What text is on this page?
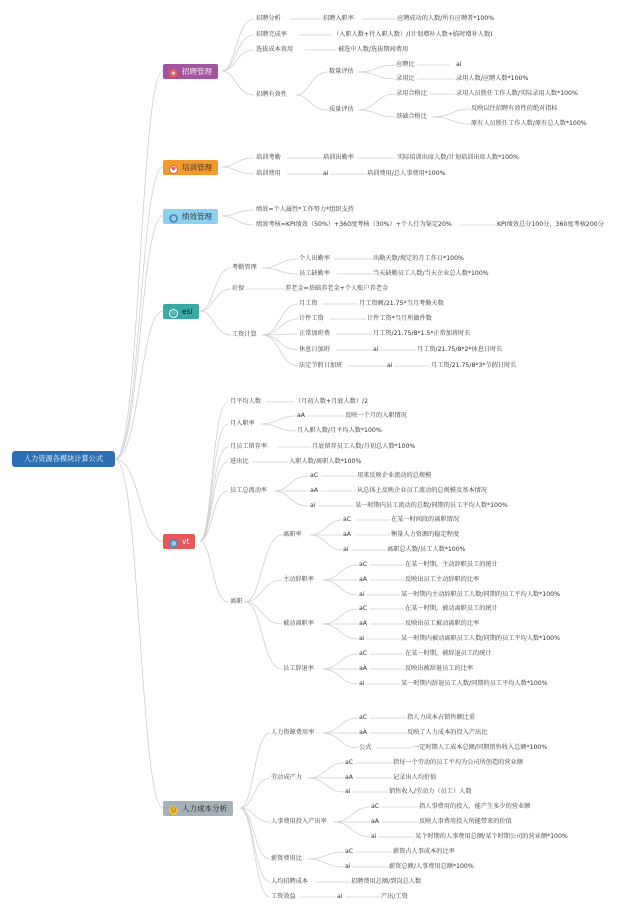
人力资源各模块计算公式
★ 招聘管理
招聘分析	招聘入职率	应聘成功的人数/所有应聘者*100%
招聘完成率	（入职人数+待入职人数）/(计划增补人数+临时增补人数)
选拔成本效用	被选中人数/选拔期间费用
招聘有效性
数量评估
应聘比	ai
录用比	录用人数/应聘人数*100%
质量评估
录用合格比	录用人员胜任工作人数/实际录用人数*100%
基础合格比
反映以往招聘有效性的绝对指标
原有人员胜任工作人数/原有总人数*100%
♥ 培训管理
培训考勤	培训出勤率	实际培训出席人数/计划培训出席人数*100%
培训费用	ai	培训费用/总人事费用*100%
◍ 绩效管理
绩效=个人属性*工作努力*组织支持
绩效考核=KPI绩效（50%）+360度考核（30%）+个人行为鉴定20%	KPI绩效总分100分，360度考核200分
☆ esi
考勤管理
个人出勤率	出勤天数/规定的月工作日*100%
员工缺勤率	当天缺勤员工人数/当天企业总人数*100%
社保	养老金=基础养老金+个人账户养老金
工资计算
月工资	月工资额/21.75*当月考勤天数
计件工资	计件工资*当月所做件数
正常加班费	月工资/21.75/8*1.5*正常加班时长
休息日加班	ai	月工资/21.75/8*2*休息日时长
法定节假日加班	ai	月工资/21.75/8*3*节假日时长
◍ vt
月平均人数	（月初人数+月底人数）/2
月入职率
aA	反映一个月的入职情况
月入职人数/月平均人数*100%
月员工留存率	月底留存员工人数/月初总人数*100%
进出比	入职人数/离职人数*100%
员工总流动率
aC	用来反映企业流动的总规模
aA	从总体上反映企业员工流动的总规模及基本情况
ai	某一时期内员工流动的总数/同期的员工平均人数*100%
离职
离职率
aC	在某一时间段的离职情况
aA	衡量人力资源的稳定程度
ai	离职总人数/员工人数*100%
主动辞职率
aC	在某一时期，主动辞职员工的统计
aA	反映出员工主动辞职的比率
ai	某一时期内主动辞职员工人数/同期的员工平均人数*100%
被动离职率
aC	在某一时期，被动离职员工的统计
aA	反映出员工被动离职的比率
ai	某一时期内被动离职员工人数/同期的员工平均人数*100%
员工辞退率
aC	在某一时期，被辞退员工的统计
aA	反映出被辞退员工的比率
ai	某一时期内辞退员工人数/同期的员工平均人数*100%
☺ 人力成本分析
人力资源费用率
aC	指人力成本占销售额比重
aA	反映了人力成本的投入产出比
公式	一定时期人工成本总额/同期销售收入总额*100%
劳动成产力
aC	指每一个劳动的员工平均为公司所创造的营业额
aA	记录出人均价值
ai	销售收入/劳动力（员工）人数
人事费用投入产出率
aC	指人事费用的投入，能产生多少的营业额
aA	反映人事费用投入所能带来的价值
ai	某个时期的人事费用总额/某个时期公司的营业额*100%
薪资费用比
aC	薪资占人事成本的比率
ai	薪资总额/人事费用总额*100%
人均招聘成本	招聘费用总额/到岗总人数
工资效益	ai	产出/工资
